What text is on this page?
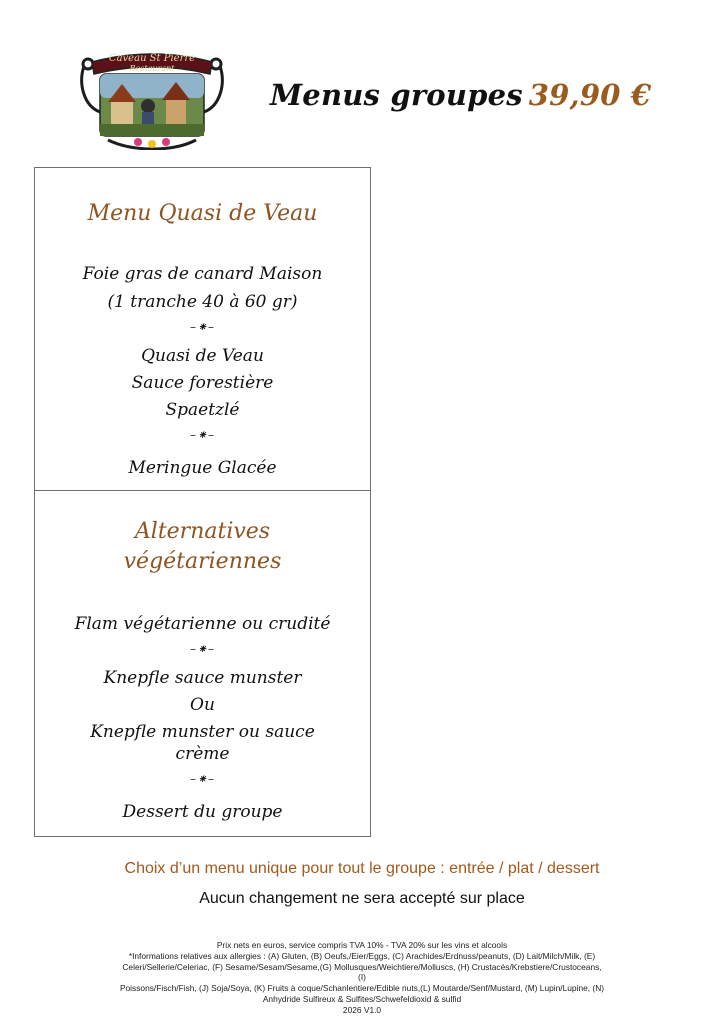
Caveau St Pierre
Restaurant
Menus groupes 39,90 €
Menu Quasi de Veau
Foie gras de canard Maison
(1 tranche 40 à 60 gr)
–⁕–
Quasi de Veau
Sauce forestière
Spaetzlé
–⁕–
Meringue Glacée
Alternatives
végétariennes
Flam végétarienne ou crudité
–⁕–
Knepfle sauce munster
Ou
Knepfle munster ou sauce
crème
–⁕–
Dessert du groupe
Choix d’un menu unique pour tout le groupe : entrée / plat / dessert
Aucun changement ne sera accepté sur place
Prix nets en euros, service compris TVA 10% - TVA 20% sur les vins et alcools
*Informations relatives aux allergies : (A) Gluten, (B) Oeufs,/Eier/Eggs, (C) Arachides/Erdnuss/peanuts, (D) Lait/Milch/Milk, (E)
Celeri/Sellerie/Celeriac, (F) Sesame/Sesam/Sesame,(G) Mollusques/Weichtiere/Molluscs, (H) Crustacés/Krebstiere/Crustoceans, (I)
Poissons/Fisch/Fish, (J) Soja/Soya, (K) Fruits à coque/Schanlentiere/Edible nuts,(L) Moutarde/Senf/Mustard, (M) Lupin/Lupine, (N)
Anhydride Sulfireux & Sulfites/Schwefeldioxid & sulfid
2026 V1.0
